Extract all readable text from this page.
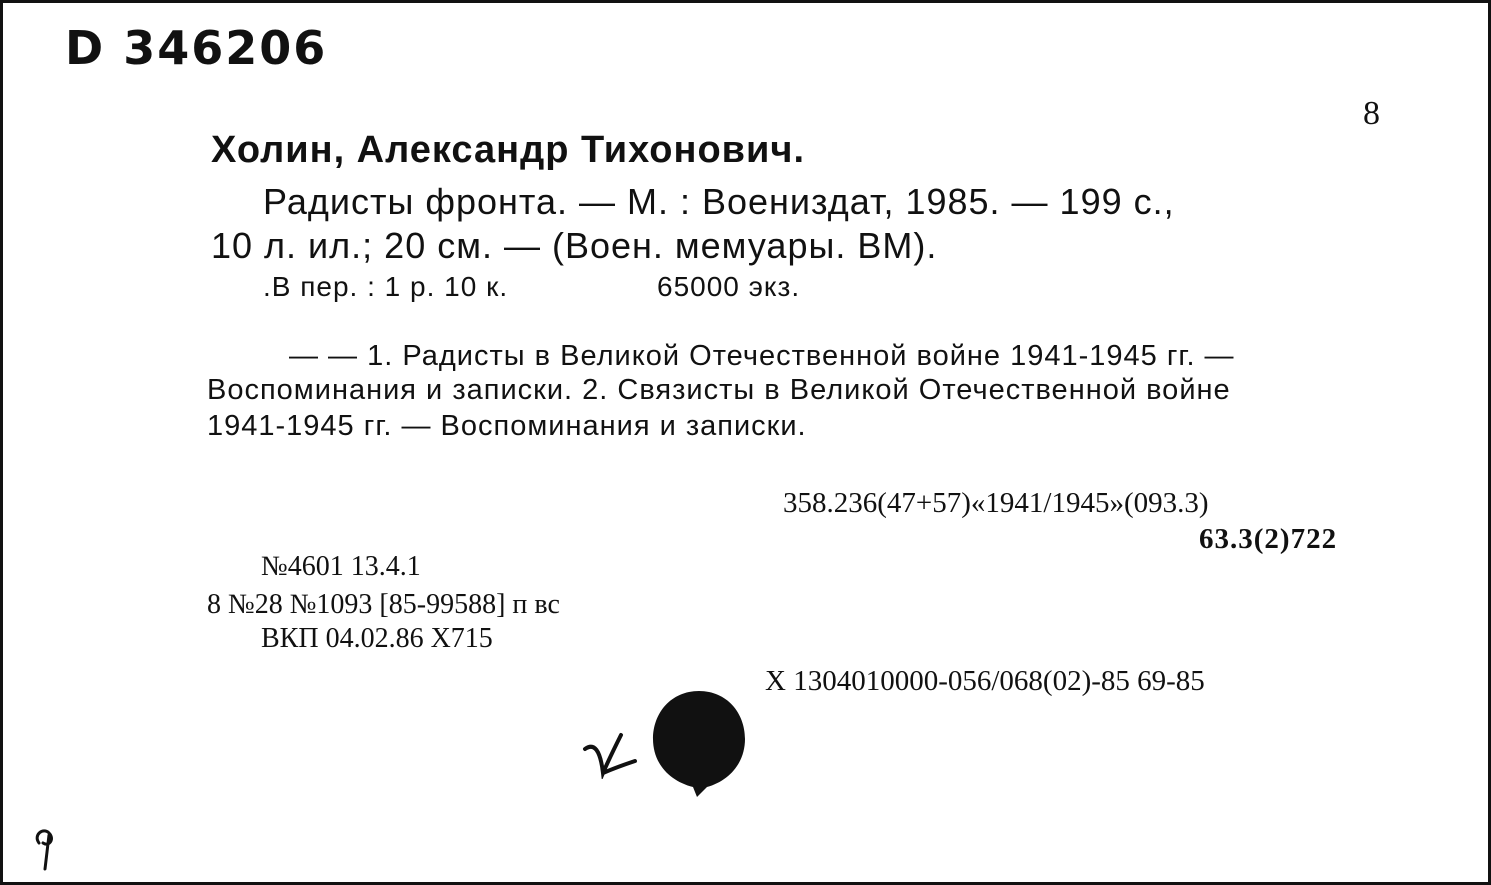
D 346206
8
Холин, Александр Тихонович.
Радисты фронта. — М. : Воениздат, 1985. — 199 с.,
10 л. ил.; 20 см. — (Воен. мемуары. ВМ).
.В пер. : 1 р. 10 к.	65000 экз.
— — 1. Радисты в Великой Отечественной войне 1941-1945 гг. —
Воспоминания и записки. 2. Связисты в Великой Отечественной войне
1941-1945 гг. — Воспоминания и записки.
358.236(47+57)«1941/1945»(093.3)
63.3(2)722
№4601 13.4.1
8 №28 №1093 [85-99588] п вс
ВКП 04.02.86 Х715
Х 1304010000-056/068(02)-85 69-85
